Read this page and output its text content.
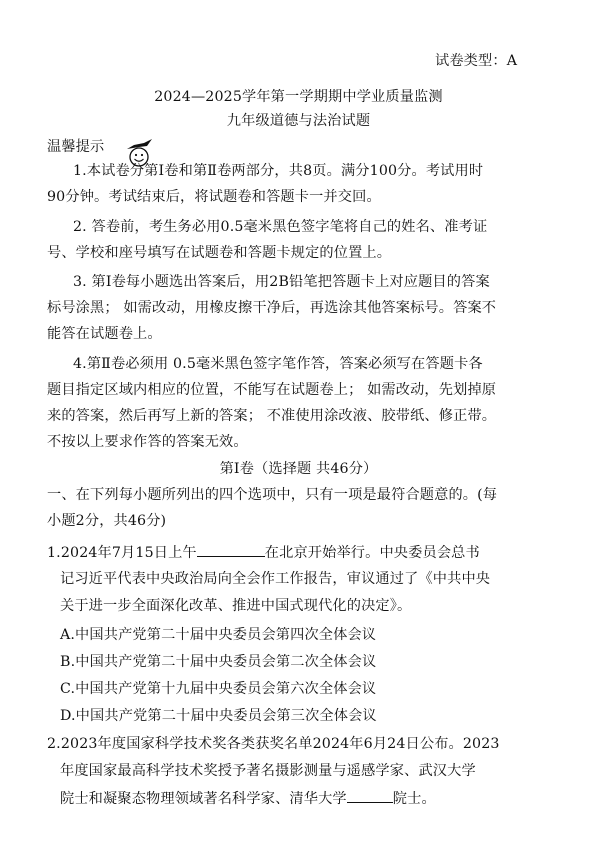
试卷类型：A
2024—2025学年第一学期期中学业质量监测
九年级道德与法治试题
温馨提示
1.本试卷分第Ⅰ卷和第Ⅱ卷两部分，共8页。满分100分。考试用时
90分钟。考试结束后，将试题卷和答题卡一并交回。
2. 答卷前，考生务必用0.5毫米黑色签字笔将自己的姓名、准考证
号、学校和座号填写在试题卷和答题卡规定的位置上。
3. 第Ⅰ卷每小题选出答案后，用2B铅笔把答题卡上对应题目的答案
标号涂黑； 如需改动，用橡皮擦干净后，再选涂其他答案标号。答案不
能答在试题卷上。
4.第Ⅱ卷必须用 0.5毫米黑色签字笔作答，答案必须写在答题卡各
题目指定区域内相应的位置，不能写在试题卷上； 如需改动，先划掉原
来的答案，然后再写上新的答案； 不准使用涂改液、胶带纸、修正带。
不按以上要求作答的答案无效。
第Ⅰ卷（选择题 共46分）
一、在下列每小题所列出的四个选项中，只有一项是最符合题意的。(每
小题2分，共46分)
1.2024年7月15日上午	在北京开始举行。中央委员会总书
记习近平代表中央政治局向全会作工作报告，审议通过了《中共中央
关于进一步全面深化改革、推进中国式现代化的决定》。
A.中国共产党第二十届中央委员会第四次全体会议
B.中国共产党第二十届中央委员会第二次全体会议
C.中国共产党第十九届中央委员会第六次全体会议
D.中国共产党第二十届中央委员会第三次全体会议
2.2023年度国家科学技术奖各类获奖名单2024年6月24日公布。2023
年度国家最高科学技术奖授予著名摄影测量与遥感学家、武汉大学
院士和凝聚态物理领域著名科学家、清华大学	院士。
